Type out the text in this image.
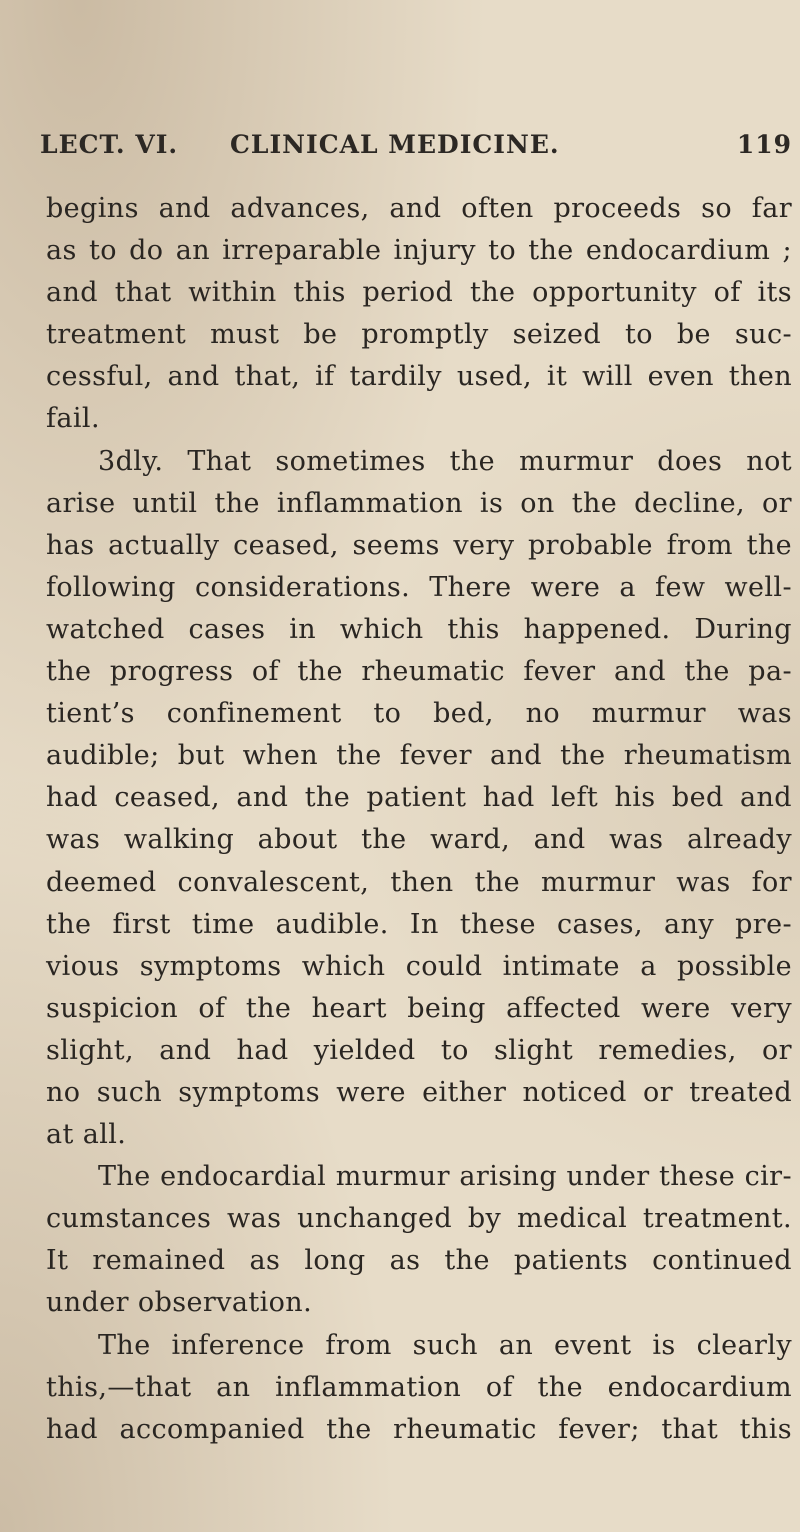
LECT. VI. CLINICAL MEDICINE.	119
begins and advances, and often proceeds so far
as to do an irreparable injury to the endocardium ;
and that within this period the opportunity of its
treatment must be promptly seized to be suc-
cessful, and that, if tardily used, it will even then
fail.
3dly. That sometimes the murmur does not
arise until the inflammation is on the decline, or
has actually ceased, seems very probable from the
following considerations. There were a few well-
watched cases in which this happened. During
the progress of the rheumatic fever and the pa-
tient’s confinement to bed, no murmur was
audible; but when the fever and the rheumatism
had ceased, and the patient had left his bed and
was walking about the ward, and was already
deemed convalescent, then the murmur was for
the first time audible. In these cases, any pre-
vious symptoms which could intimate a possible
suspicion of the heart being affected were very
slight, and had yielded to slight remedies, or
no such symptoms were either noticed or treated
at all.
The endocardial murmur arising under these cir-
cumstances was unchanged by medical treatment.
It remained as long as the patients continued
under observation.
The inference from such an event is clearly
this,—that an inflammation of the endocardium
had accompanied the rheumatic fever; that this
